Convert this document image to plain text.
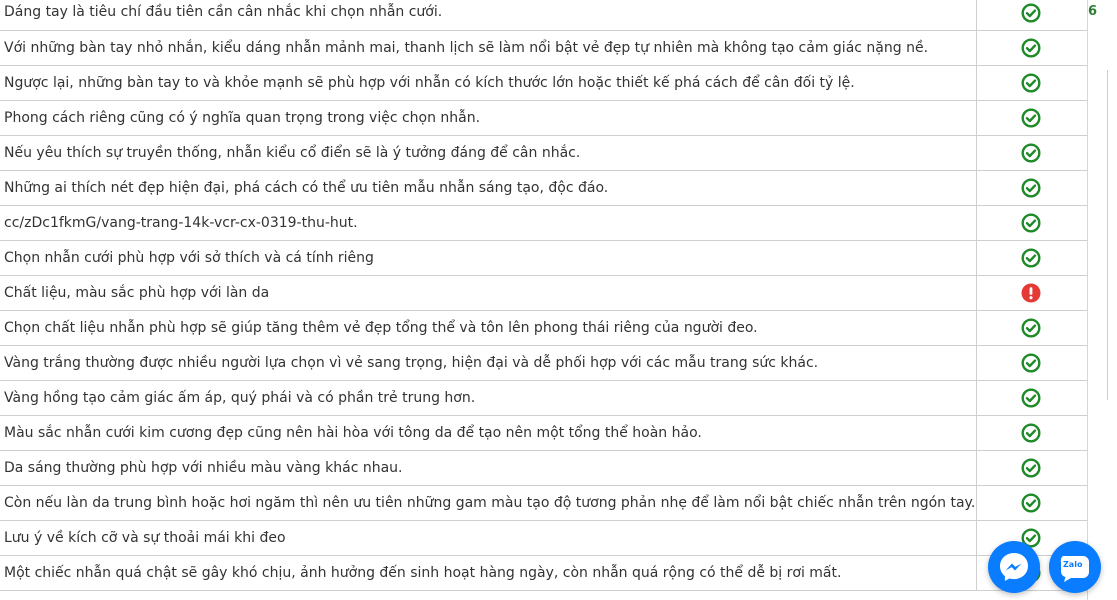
Dáng tay là tiêu chí đầu tiên cần cân nhắc khi chọn nhẫn cưới.

Với những bàn tay nhỏ nhắn, kiểu dáng nhẫn mảnh mai, thanh lịch sẽ làm nổi bật vẻ đẹp tự nhiên mà không tạo cảm giác nặng nề.

Ngược lại, những bàn tay to và khỏe mạnh sẽ phù hợp với nhẫn có kích thước lớn hoặc thiết kế phá cách để cân đối tỷ lệ.

Phong cách riêng cũng có ý nghĩa quan trọng trong việc chọn nhẫn.

Nếu yêu thích sự truyền thống, nhẫn kiểu cổ điển sẽ là ý tưởng đáng để cân nhắc.

Những ai thích nét đẹp hiện đại, phá cách có thể ưu tiên mẫu nhẫn sáng tạo, độc đáo.

cc/zDc1fkmG/vang-trang-14k-vcr-cx-0319-thu-hut.

Chọn nhẫn cưới phù hợp với sở thích và cá tính riêng

Chất liệu, màu sắc phù hợp với làn da

Chọn chất liệu nhẫn phù hợp sẽ giúp tăng thêm vẻ đẹp tổng thể và tôn lên phong thái riêng của người đeo.

Vàng trắng thường được nhiều người lựa chọn vì vẻ sang trọng, hiện đại và dễ phối hợp với các mẫu trang sức khác.

Vàng hồng tạo cảm giác ấm áp, quý phái và có phần trẻ trung hơn.

Màu sắc nhẫn cưới kim cương đẹp cũng nên hài hòa với tông da để tạo nên một tổng thể hoàn hảo.

Da sáng thường phù hợp với nhiều màu vàng khác nhau.

Còn nếu làn da trung bình hoặc hơi ngăm thì nên ưu tiên những gam màu tạo độ tương phản nhẹ để làm nổi bật chiếc nhẫn trên ngón tay.

Lưu ý về kích cỡ và sự thoải mái khi đeo

Một chiếc nhẫn quá chật sẽ gây khó chịu, ảnh hưởng đến sinh hoạt hàng ngày, còn nhẫn quá rộng có thể dễ bị rơi mất.

6
Zalo
